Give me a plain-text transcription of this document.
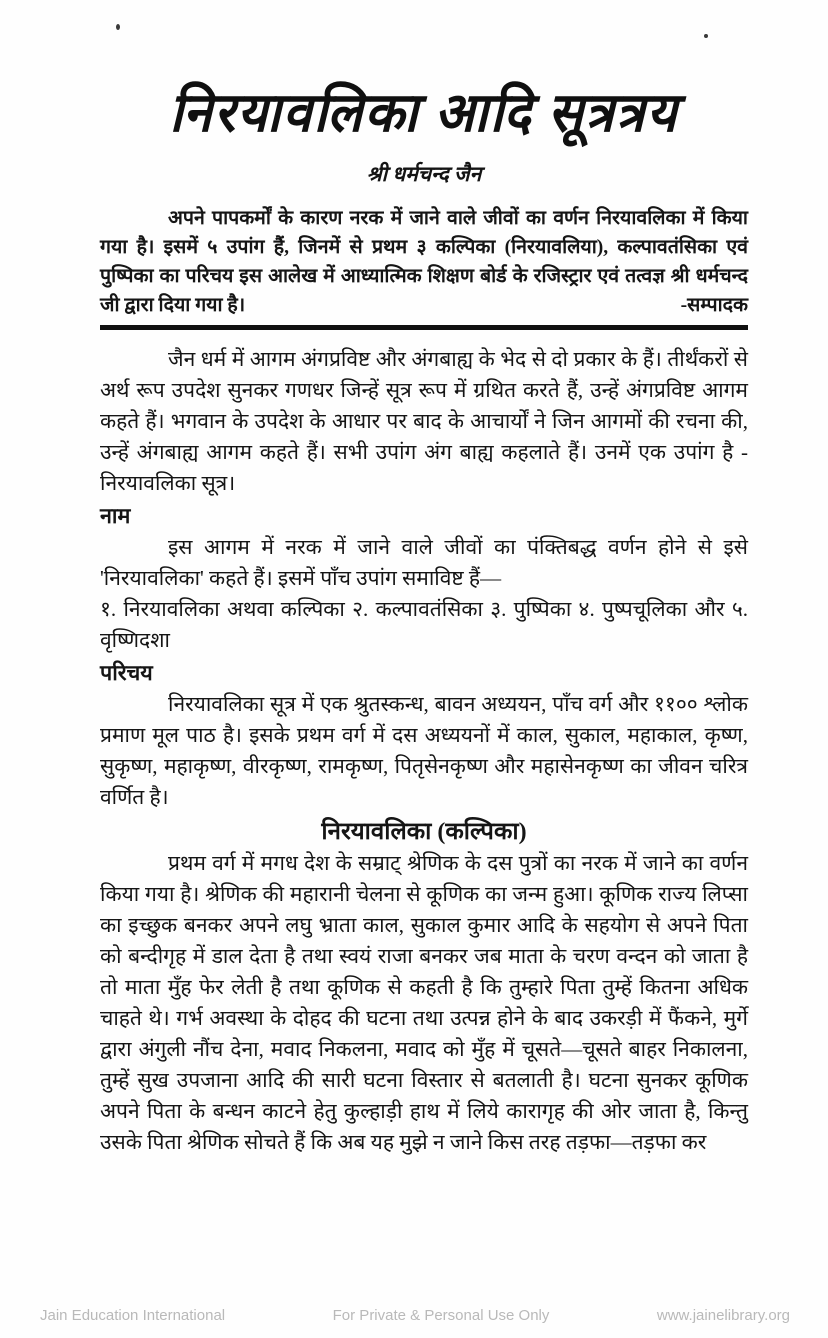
निरयावलिका आदि सूत्रत्रय
श्री धर्मचन्द जैन

अपने पापकर्मों के कारण नरक में जाने वाले जीवों का वर्णन निरयावलिका में किया गया है। इसमें ५ उपांग हैं, जिनमें से प्रथम ३ कल्पिका (निरयावलिया), कल्पावतंसिका एवं पुष्पिका का परिचय इस आलेख में आध्यात्मिक शिक्षण बोर्ड के रजिस्ट्रार एवं तत्वज्ञ श्री धर्मचन्द जी द्वारा दिया गया है।	-सम्पादक

जैन धर्म में आगम अंगप्रविष्ट और अंगबाह्य के भेद से दो प्रकार के हैं। तीर्थंकरों से अर्थ रूप उपदेश सुनकर गणधर जिन्हें सूत्र रूप में ग्रथित करते हैं, उन्हें अंगप्रविष्ट आगम कहते हैं। भगवान के उपदेश के आधार पर बाद के आचार्यों ने जिन आगमों की रचना की, उन्हें अंगबाह्य आगम कहते हैं। सभी उपांग अंग बाह्य कहलाते हैं। उनमें एक उपांग है - निरयावलिका सूत्र।

नाम

इस आगम में नरक में जाने वाले जीवों का पंक्तिबद्ध वर्णन होने से इसे 'निरयावलिका' कहते हैं। इसमें पाँच उपांग समाविष्ट हैं—

१. निरयावलिका अथवा कल्पिका २. कल्पावतंसिका ३. पुष्पिका ४. पुष्पचूलिका और ५. वृष्णिदशा

परिचय

निरयावलिका सूत्र में एक श्रुतस्कन्ध, बावन अध्ययन, पाँच वर्ग और ११०० श्लोक प्रमाण मूल पाठ है। इसके प्रथम वर्ग में दस अध्ययनों में काल, सुकाल, महाकाल, कृष्ण, सुकृष्ण, महाकृष्ण, वीरकृष्ण, रामकृष्ण, पितृसेनकृष्ण और महासेनकृष्ण का जीवन चरित्र वर्णित है।

निरयावलिका (कल्पिका)

प्रथम वर्ग में मगध देश के सम्राट् श्रेणिक के दस पुत्रों का नरक में जाने का वर्णन किया गया है। श्रेणिक की महारानी चेलना से कूणिक का जन्म हुआ। कूणिक राज्य लिप्सा का इच्छुक बनकर अपने लघु भ्राता काल, सुकाल कुमार आदि के सहयोग से अपने पिता को बन्दीगृह में डाल देता है तथा स्वयं राजा बनकर जब माता के चरण वन्दन को जाता है तो माता मुँह फेर लेती है तथा कूणिक से कहती है कि तुम्हारे पिता तुम्हें कितना अधिक चाहते थे। गर्भ अवस्था के दोहद की घटना तथा उत्पन्न होने के बाद उकरड़ी में फैंकने, मुर्गे द्वारा अंगुली नौंच देना, मवाद निकलना, मवाद को मुँह में चूसते—चूसते बाहर निकालना, तुम्हें सुख उपजाना आदि की सारी घटना विस्तार से बतलाती है। घटना सुनकर कूणिक अपने पिता के बन्धन काटने हेतु कुल्हाड़ी हाथ में लिये कारागृह की ओर जाता है, किन्तु उसके पिता श्रेणिक सोचते हैं कि अब यह मुझे न जाने किस तरह तड़फा—तड़फा कर

Jain Education International	For Private & Personal Use Only	www.jainelibrary.org
